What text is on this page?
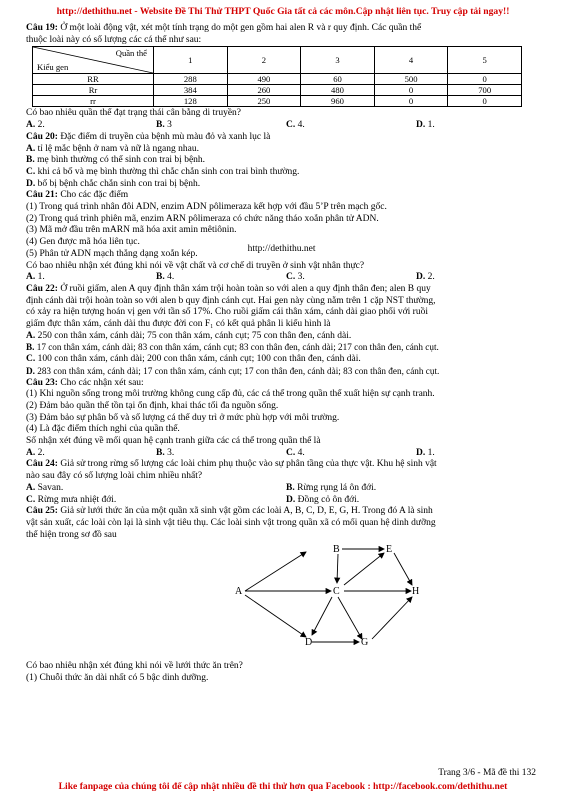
http://dethithu.net - Website Đề Thi Thử THPT Quốc Gia tất cả các môn.Cập nhật liên tục. Truy cập tải ngay!!

Câu 19: Ở một loài động vật, xét một tính trạng do một gen gồm hai alen R và r quy định. Các quần thể

thuộc loài này có số lượng các cá thể như sau:

Quần thể
Kiểu gen	1	2	3	4	5
RR	288	490	60	500	0
Rr	384	260	480	0	700
rr	128	250	960	0	0

Có bao nhiêu quần thể đạt trạng thái cân bằng di truyền?

A. 2.	B. 3	C. 4.	D. 1.

Câu 20: Đặc điểm di truyền của bệnh mù màu đỏ và xanh lục là

A. tỉ lệ mắc bệnh ở nam và nữ là ngang nhau.

B. mẹ bình thường có thể sinh con trai bị bệnh.

C. khi cả bố và mẹ bình thường thì chắc chắn sinh con trai bình thường.

D. bố bị bệnh chắc chắn sinh con trai bị bệnh.

Câu 21: Cho các đặc điểm

(1) Trong quá trình nhân đôi ADN, enzim ADN pôlimeraza kết hợp với đầu 5’P trên mạch gốc.

(2) Trong quá trình phiên mã, enzim ARN pôlimeraza có chức năng tháo xoắn phân tử ADN.

(3) Mã mở đầu trên mARN mã hóa axit amin mêtiônin.

(4) Gen được mã hóa liên tục.

(5) Phân tử ADN mạch thẳng dạng xoắn kép.	http://dethithu.net

Có bao nhiêu nhận xét đúng khi nói về vật chất và cơ chế di truyền ở sinh vật nhân thực?

A. 1.	B. 4.	C. 3.	D. 2.

Câu 22: Ở ruồi giấm, alen A quy định thân xám trội hoàn toàn so với alen a quy định thân đen; alen B quy

định cánh dài trội hoàn toàn so với alen b quy định cánh cụt. Hai gen này cùng nằm trên 1 cặp NST thường,

có xảy ra hiện tượng hoán vị gen với tần số 17%. Cho ruồi giấm cái thân xám, cánh dài giao phối với ruồi

giấm đực thân xám, cánh dài thu được đời con F₁ có kết quả phân li kiểu hình là

A. 250 con thân xám, cánh dài; 75 con thân xám, cánh cụt; 75 con thân đen, cánh dài.

B. 17 con thân xám, cánh dài; 83 con thân xám, cánh cụt; 83 con thân đen, cánh dài; 217 con thân đen, cánh cụt.

C. 100 con thân xám, cánh dài; 200 con thân xám, cánh cụt; 100 con thân đen, cánh dài.

D. 283 con thân xám, cánh dài; 17 con thân xám, cánh cụt; 17 con thân đen, cánh dài; 83 con thân đen, cánh cụt.

Câu 23: Cho các nhận xét sau:

(1) Khi nguồn sống trong môi trường không cung cấp đủ, các cá thể trong quần thể xuất hiện sự cạnh tranh.

(2) Đảm bảo quần thể tồn tại ổn định, khai thác tối đa nguồn sống.

(3) Đảm bảo sự phân bố và số lượng cá thể duy trì ở mức phù hợp với môi trường.

(4) Là đặc điểm thích nghi của quần thể.

Số nhận xét đúng về mối quan hệ cạnh tranh giữa các cá thể trong quần thể là

A. 2.	B. 3.	C. 4.	D. 1.

Câu 24: Giả sử trong rừng số lượng các loài chim phụ thuộc vào sự phân tầng của thực vật. Khu hệ sinh vật

nào sau đây có số lượng loài chim nhiều nhất?

A. Savan.	B. Rừng rụng lá ôn đới.
C. Rừng mưa nhiệt đới.	D. Đồng cỏ ôn đới.

Câu 25: Giả sử lưới thức ăn của một quần xã sinh vật gồm các loài A, B, C, D, E, G, H. Trong đó A là sinh

vật sản xuất, các loài còn lại là sinh vật tiêu thụ. Các loài sinh vật trong quần xã có mối quan hệ dinh dưỡng

thể hiện trong sơ đồ sau

A
B
C
D
E
G
H

Có bao nhiêu nhận xét đúng khi nói về lưới thức ăn trên?

(1) Chuỗi thức ăn dài nhất có 5 bậc dinh dưỡng.

Trang 3/6 - Mã đề thi 132
Like fanpage của chúng tôi để cập nhật nhiều đề thi thử hơn qua Facebook : http://facebook.com/dethithu.net
